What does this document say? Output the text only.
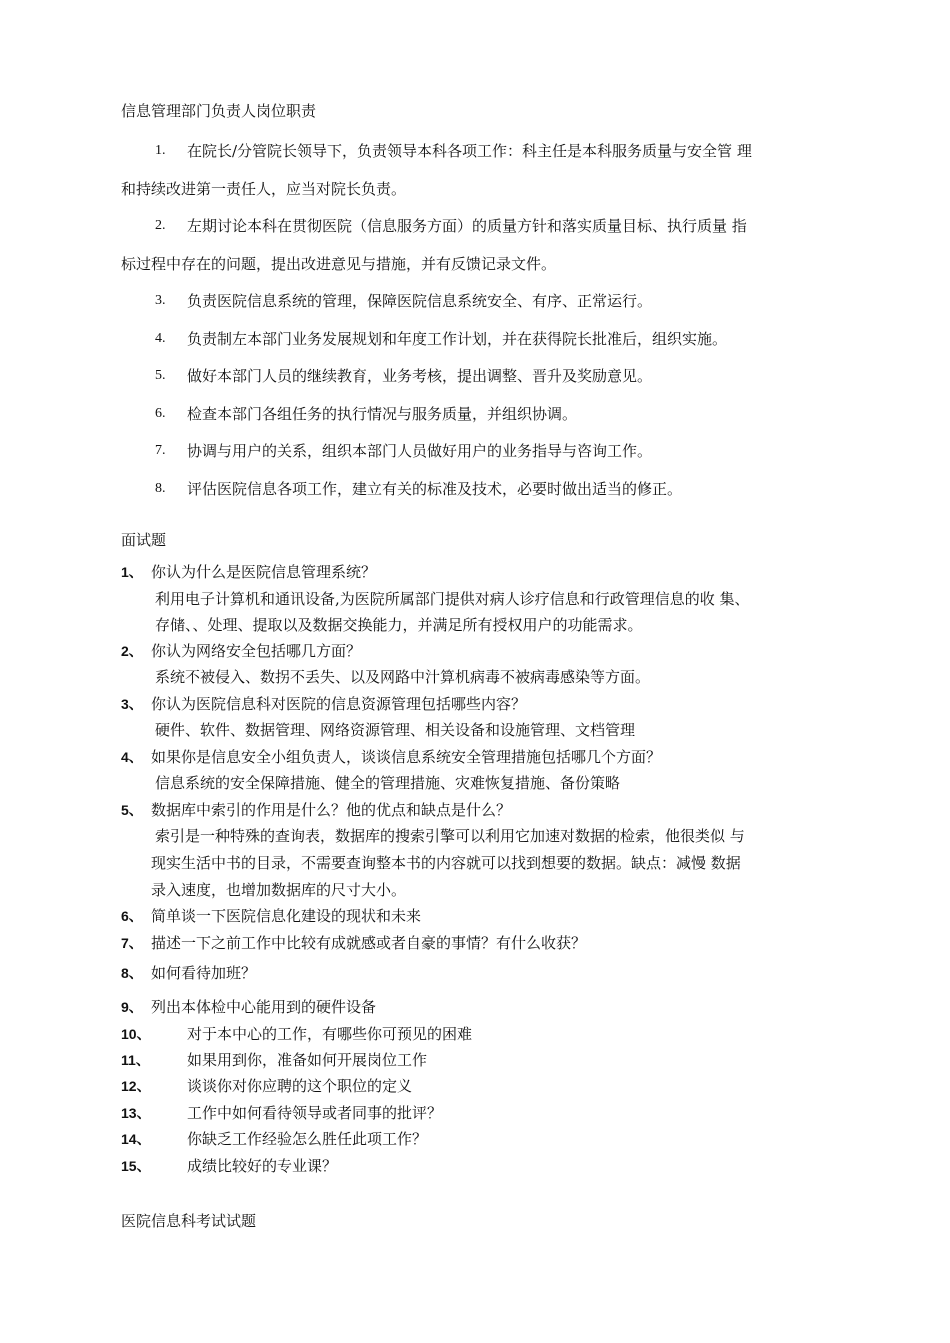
信息管理部门负责人岗位职责
1. 在院长/分管院长领导下，负责领导本科各项工作：科主任是本科服务质量与安全管 理
和持续改进第一责任人，应当对院长负责。
2. 左期讨论本科在贯彻医院（信息服务方面）的质量方针和落实质量目标、执行质量 指
标过程中存在的问题，提出改进意见与措施，并有反馈记录文件。
3. 负责医院信息系统的管理，保障医院信息系统安全、有序、正常运行。
4. 负责制左本部门业务发展规划和年度工作计划，并在获得院长批准后，组织实施。
5. 做好本部门人员的继续教育，业务考核，提出调整、晋升及奖励意见。
6. 检查本部门各组任务的执行情况与服务质量，并组织协调。
7. 协调与用户的关系，组织本部门人员做好用户的业务指导与咨询工作。
8. 评估医院信息各项工作，建立有关的标准及技术，必要时做出适当的修正。
面试题
1、 你认为什么是医院信息管理系统？
利用电子计算机和通讯设备,为医院所属部门提供对病人诊疗信息和行政管理信息的收 集、
存储、、处理、提取以及数据交换能力，并满足所有授权用户的功能需求。
2、 你认为网络安全包括哪几方面？
系统不被侵入、数拐不丢失、以及网路中汁算机病毒不被病毒感染等方面。
3、 你认为医院信息科对医院的信息资源管理包括哪些内容？
硬件、软件、数据管理、网络资源管理、相关设备和设施管理、文档管理
4、 如果你是信息安全小组负责人，谈谈信息系统安全管理措施包括哪几个方面？
信息系统的安全保障措施、健全的管理措施、灾难恢复措施、备份策略
5、 数据库中索引的作用是什么？他的优点和缺点是什么？
索引是一种特殊的查询表，数据库的搜索引擎可以利用它加速对数据的检索，他很类似 与
现实生活中书的目录，不需要查询整本书的内容就可以找到想要的数据。缺点：减慢 数据
录入速度，也增加数据库的尺寸大小。
6、 简单谈一下医院信息化建设的现状和未来
7、 描述一下之前工作中比较有成就感或者自豪的事情？有什么收获？
8、 如何看待加班？
9、 列出本体检中心能用到的硬件设备
10、 对于本中心的工作，有哪些你可预见的困难
11、 如果用到你，准备如何开展岗位工作
12、 谈谈你对你应聘的这个职位的定义
13、 工作中如何看待领导或者同事的批评？
14、 你缺乏工作经验怎么胜任此项工作？
15、 成绩比较好的专业课？
医院信息科考试试题
